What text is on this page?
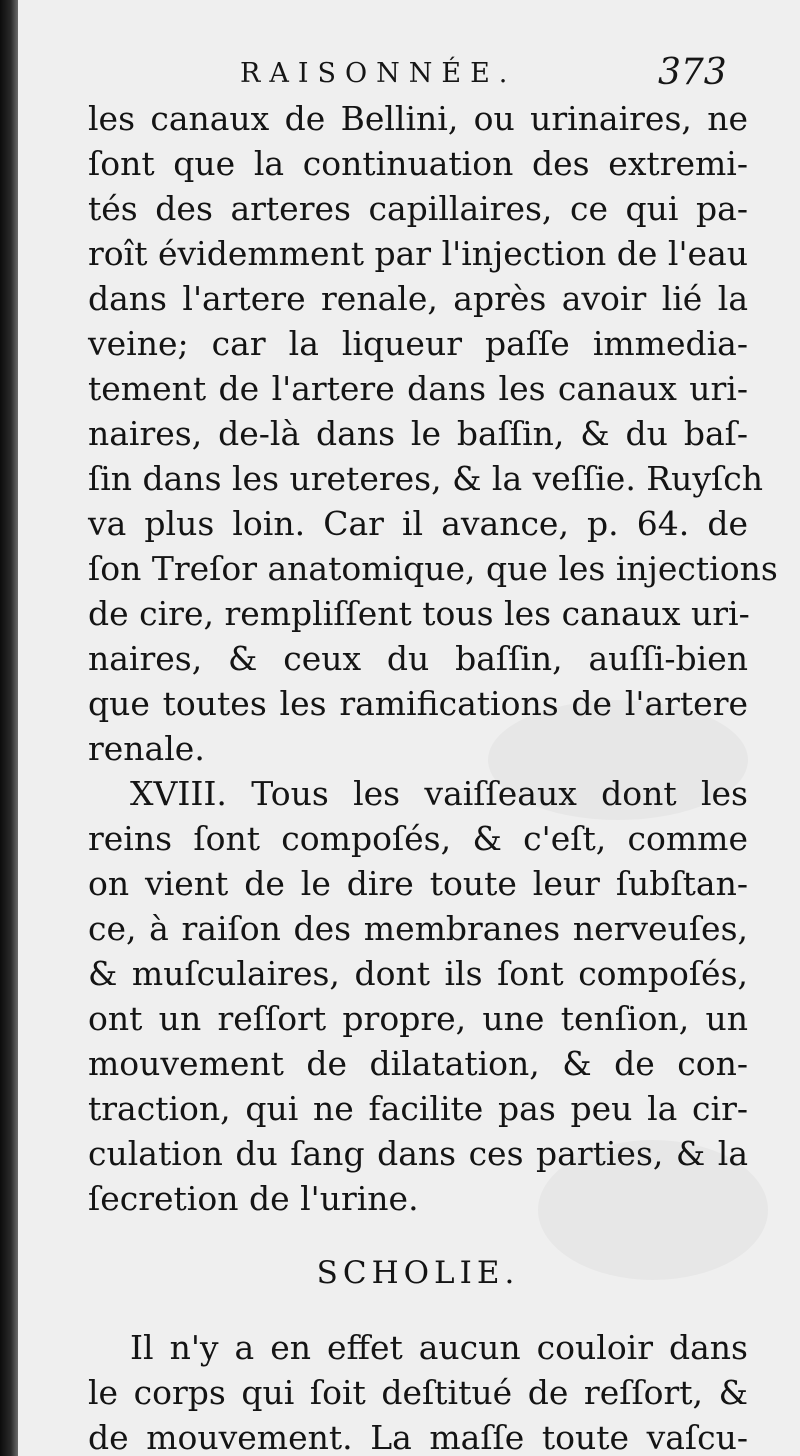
RAISONNÉE.	373
les canaux de Bellini, ou urinaires, ne
ſont que la continuation des extremi-
tés des arteres capillaires, ce qui pa-
roît évidemment par l'injection de l'eau
dans l'artere renale, après avoir lié la
veine; car la liqueur paſſe immedia-
tement de l'artere dans les canaux uri-
naires, de-là dans le baſſin, & du baſ-
ſin dans les ureteres, & la veſſie. Ruyſch
va plus loin. Car il avance, p. 64. de
ſon Treſor anatomique, que les injections
de cire, rempliſſent tous les canaux uri-
naires, & ceux du baſſin, auſſi-bien
que toutes les ramifications de l'artere
renale.
XVIII. Tous les vaiſſeaux dont les
reins ſont compoſés, & c'eſt, comme
on vient de le dire toute leur ſubſtan-
ce, à raiſon des membranes nerveuſes,
& muſculaires, dont ils ſont compoſés,
ont un reſſort propre, une tenſion, un
mouvement de dilatation, & de con-
traction, qui ne facilite pas peu la cir-
culation du ſang dans ces parties, & la
ſecretion de l'urine.
SCHOLIE.
Il n'y a en effet aucun couloir dans
le corps qui ſoit deſtitué de reſſort, &
de mouvement. La maſſe toute vaſcu-
